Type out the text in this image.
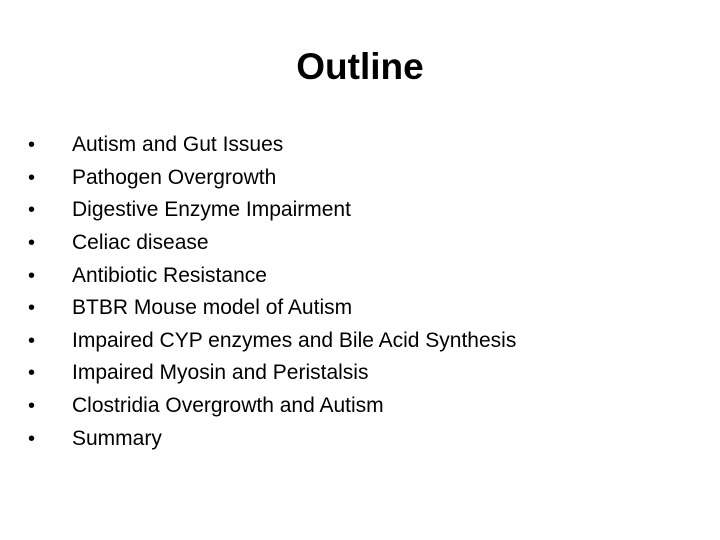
Outline
•	Autism and Gut Issues
•	Pathogen Overgrowth
•	Digestive Enzyme Impairment
•	Celiac disease
•	Antibiotic Resistance
•	BTBR Mouse model of Autism
•	Impaired CYP enzymes and Bile Acid Synthesis
•	Impaired Myosin and Peristalsis
•	Clostridia Overgrowth and Autism
•	Summary
